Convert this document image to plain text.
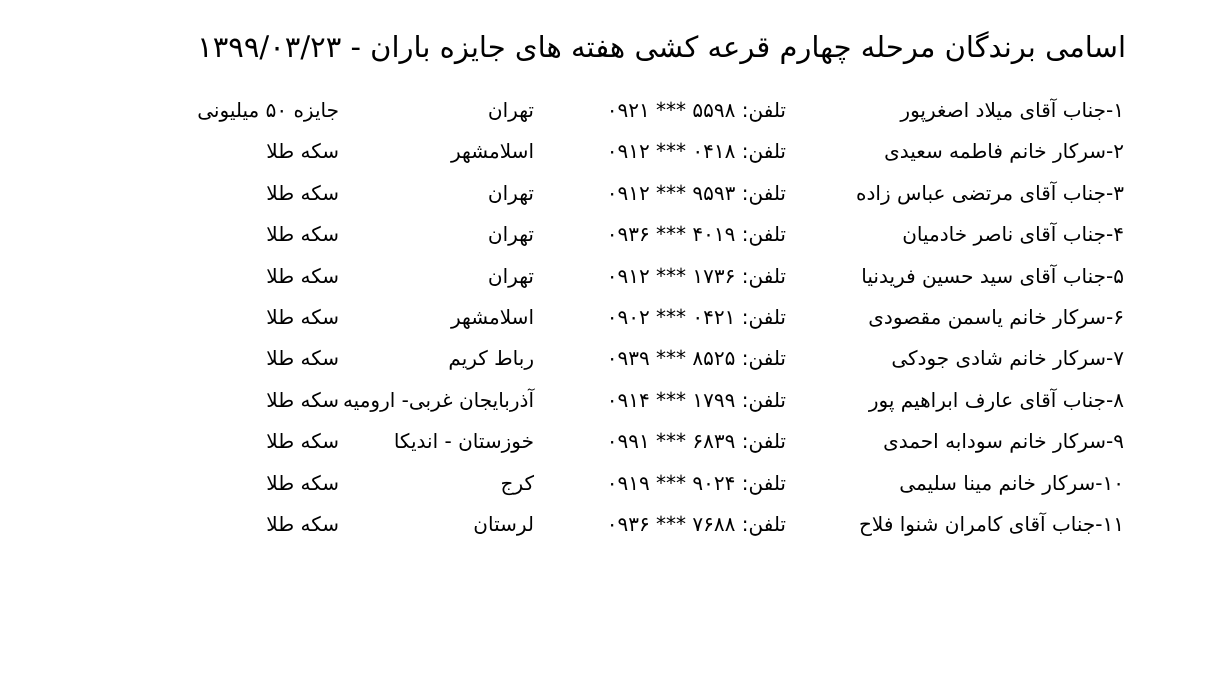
اسامی برندگان مرحله چهارم قرعه کشی هفته های جایزه باران - ۱۳۹۹/۰۳/۲۳
۱-جناب آقای میلاد اصغرپور
تلفن: ۵۵۹۸ *** ۰۹۲۱
تهران
جایزه ۵۰ میلیونی
۲-سرکار خانم فاطمه سعیدی
تلفن: ۰۴۱۸ *** ۰۹۱۲
اسلامشهر
سکه طلا
۳-جناب آقای مرتضی عباس زاده
تلفن: ۹۵۹۳ *** ۰۹۱۲
تهران
سکه طلا
۴-جناب آقای ناصر خادمیان
تلفن: ۴۰۱۹ *** ۰۹۳۶
تهران
سکه طلا
۵-جناب آقای سید حسین فریدنیا
تلفن: ۱۷۳۶ *** ۰۹۱۲
تهران
سکه طلا
۶-سرکار خانم یاسمن مقصودی
تلفن: ۰۴۲۱ *** ۰۹۰۲
اسلامشهر
سکه طلا
۷-سرکار خانم شادی جودکی
تلفن: ۸۵۲۵ *** ۰۹۳۹
رباط کریم
سکه طلا
۸-جناب آقای عارف ابراهیم پور
تلفن: ۱۷۹۹ *** ۰۹۱۴
آذربایجان غربی- ارومیه
سکه طلا
۹-سرکار خانم سودابه احمدی
تلفن: ۶۸۳۹ *** ۰۹۹۱
خوزستان - اندیکا
سکه طلا
۱۰-سرکار خانم مینا سلیمی
تلفن: ۹۰۲۴ *** ۰۹۱۹
کرج
سکه طلا
۱۱-جناب آقای کامران شنوا فلاح
تلفن: ۷۶۸۸ *** ۰۹۳۶
لرستان
سکه طلا
